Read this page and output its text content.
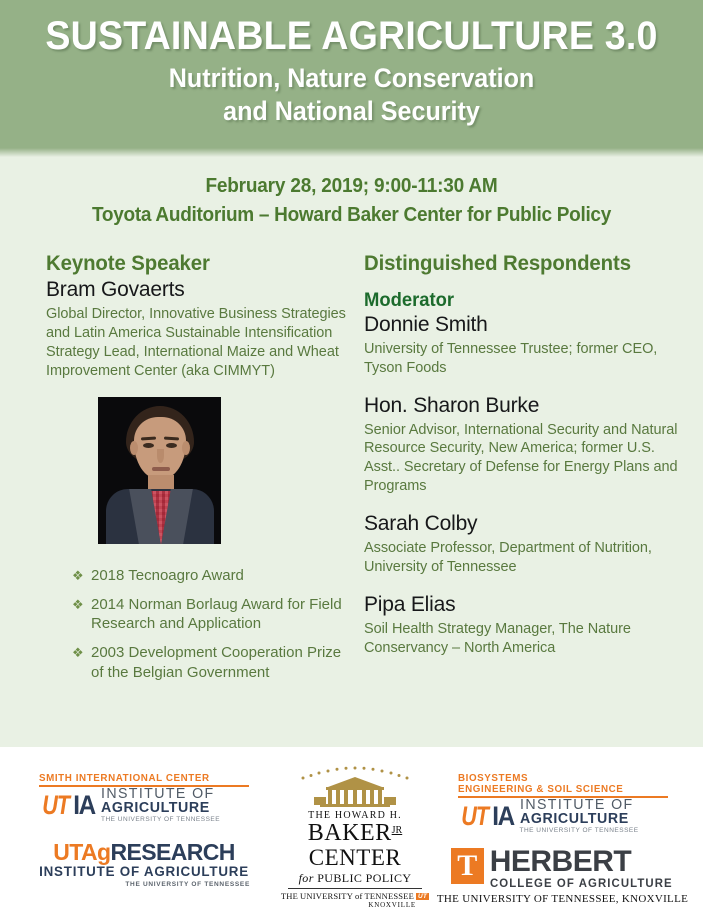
SUSTAINABLE AGRICULTURE 3.0
Nutrition, Nature Conservation
and National Security
February 28, 2019; 9:00-11:30 AM
Toyota Auditorium – Howard Baker Center for Public Policy
Keynote Speaker
Bram Govaerts
Global Director, Innovative Business Strategies and Latin America Sustainable Intensification Strategy Lead, International Maize and Wheat Improvement Center (aka CIMMYT)
❖ 2018 Tecnoagro Award
❖ 2014 Norman Borlaug Award for Field Research and Application
❖ 2003 Development Cooperation Prize of the Belgian Government
Distinguished Respondents
Moderator
Donnie Smith
University of Tennessee Trustee; former CEO, Tyson Foods
Hon. Sharon Burke
Senior Advisor, International Security and Natural Resource Security, New America; former U.S. Asst.. Secretary of Defense for Energy Plans and Programs
Sarah Colby
Associate Professor, Department of Nutrition, University of Tennessee
Pipa Elias
Soil Health Strategy Manager, The Nature Conservancy – North America
SMITH INTERNATIONAL CENTER
UT IA INSTITUTE OF
AGRICULTURE
THE UNIVERSITY OF TENNESSEE
UTAgRESEARCH
INSTITUTE OF AGRICULTURE
THE UNIVERSITY OF TENNESSEE
THE HOWARD H.
$BAKER^{JR}$
CENTER
for PUBLIC POLICY
THE UNIVERSITY of TENNESSEE UT
KNOXVILLE
BIOSYSTEMS
ENGINEERING & SOIL SCIENCE
UT IA INSTITUTE OF
AGRICULTURE
THE UNIVERSITY OF TENNESSEE
T HERBERT
COLLEGE OF AGRICULTURE
THE UNIVERSITY OF TENNESSEE, KNOXVILLE
